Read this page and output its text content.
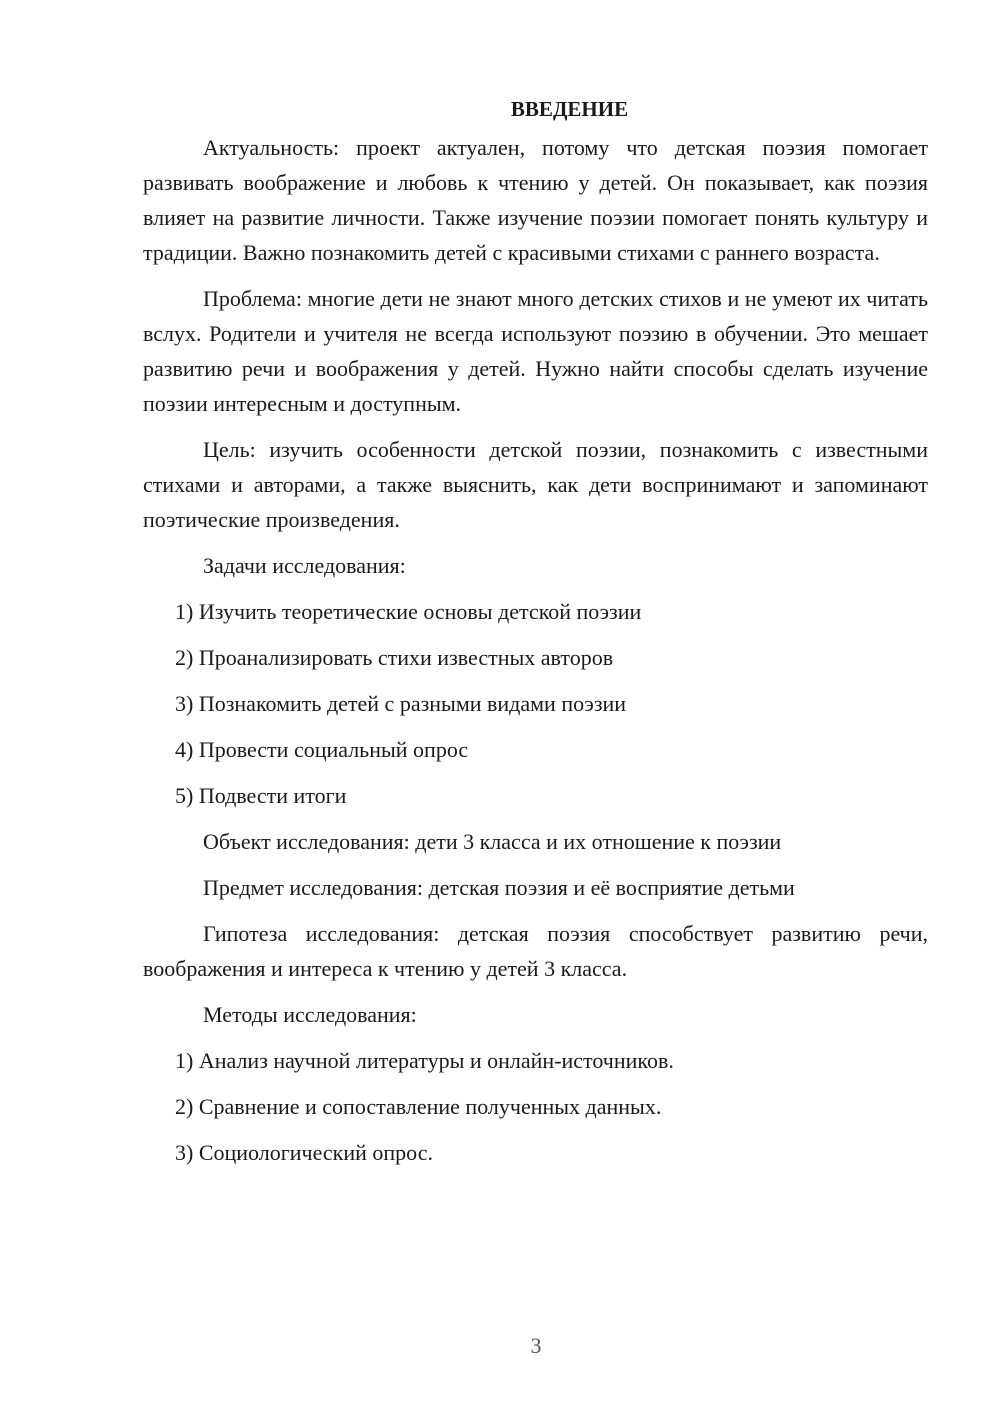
ВВЕДЕНИЕ

Актуальность: проект актуален, потому что детская поэзия помогает развивать воображение и любовь к чтению у детей. Он показывает, как поэзия влияет на развитие личности. Также изучение поэзии помогает понять культуру и традиции. Важно познакомить детей с красивыми стихами с раннего возраста.

Проблема: многие дети не знают много детских стихов и не умеют их читать вслух. Родители и учителя не всегда используют поэзию в обучении. Это мешает развитию речи и воображения у детей. Нужно найти способы сделать изучение поэзии интересным и доступным.

Цель: изучить особенности детской поэзии, познакомить с известными стихами и авторами, а также выяснить, как дети воспринимают и запоминают поэтические произведения.

Задачи исследования:
1) Изучить теоретические основы детской поэзии
2) Проанализировать стихи известных авторов
3) Познакомить детей с разными видами поэзии
4) Провести социальный опрос
5) Подвести итоги
Объект исследования: дети 3 класса и их отношение к поэзии
Предмет исследования: детская поэзия и её восприятие детьми

Гипотеза исследования: детская поэзия способствует развитию речи, воображения и интереса к чтению у детей 3 класса.

Методы исследования:
1) Анализ научной литературы и онлайн-источников.
2) Сравнение и сопоставление полученных данных.
3) Социологический опрос.
3
